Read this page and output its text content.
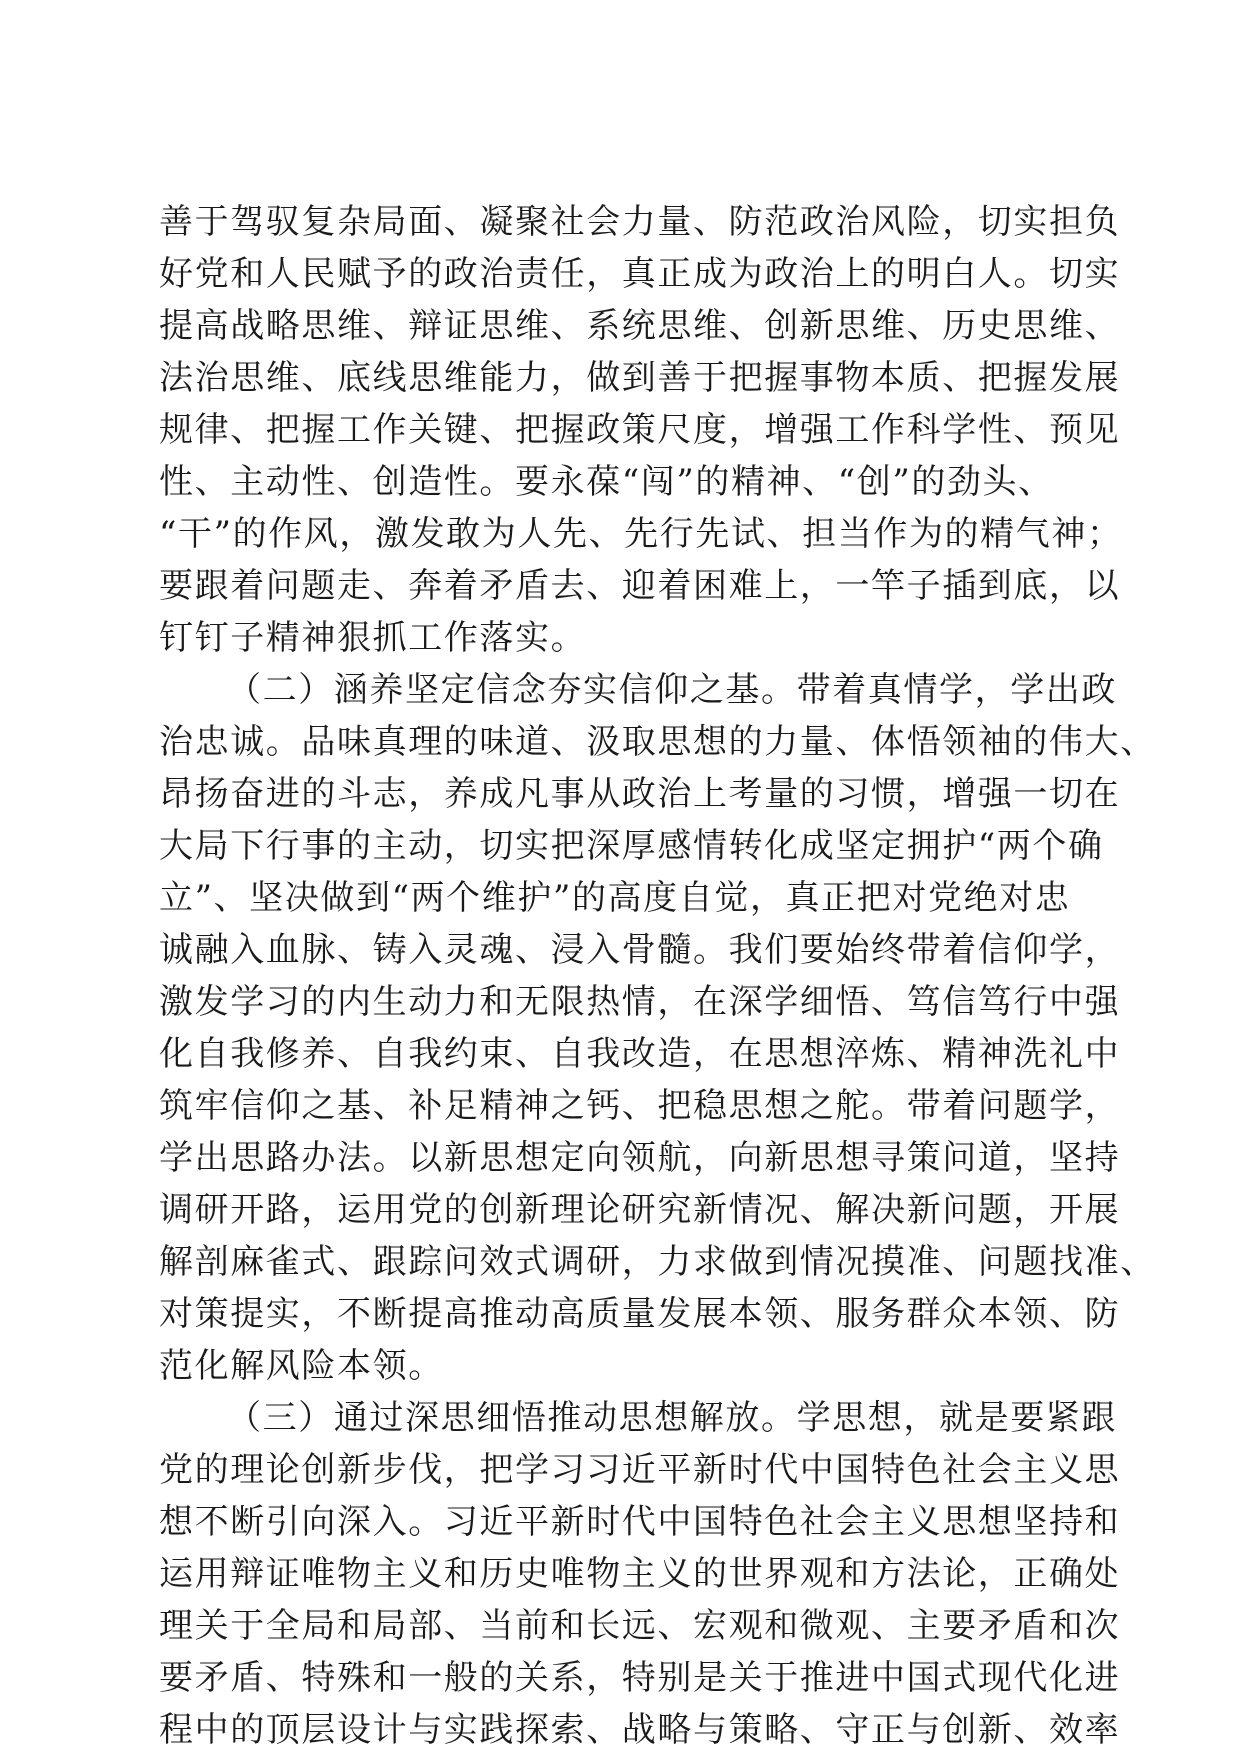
善于驾驭复杂局面、凝聚社会力量、防范政治风险，切实担负
好党和人民赋予的政治责任，真正成为政治上的明白人。切实
提高战略思维、辩证思维、系统思维、创新思维、历史思维、
法治思维、底线思维能力，做到善于把握事物本质、把握发展
规律、把握工作关键、把握政策尺度，增强工作科学性、预见
性、主动性、创造性。要永葆“闯”的精神、“创”的劲头、
“干”的作风，激发敢为人先、先行先试、担当作为的精气神；
要跟着问题走、奔着矛盾去、迎着困难上，一竿子插到底，以
钉钉子精神狠抓工作落实。
（二）涵养坚定信念夯实信仰之基。带着真情学，学出政
治忠诚。品味真理的味道、汲取思想的力量、体悟领袖的伟大、
昂扬奋进的斗志，养成凡事从政治上考量的习惯，增强一切在
大局下行事的主动，切实把深厚感情转化成坚定拥护“两个确
立”、坚决做到“两个维护”的高度自觉，真正把对党绝对忠
诚融入血脉、铸入灵魂、浸入骨髓。我们要始终带着信仰学，
激发学习的内生动力和无限热情，在深学细悟、笃信笃行中强
化自我修养、自我约束、自我改造，在思想淬炼、精神洗礼中
筑牢信仰之基、补足精神之钙、把稳思想之舵。带着问题学，
学出思路办法。以新思想定向领航，向新思想寻策问道，坚持
调研开路，运用党的创新理论研究新情况、解决新问题，开展
解剖麻雀式、跟踪问效式调研，力求做到情况摸准、问题找准、
对策提实，不断提高推动高质量发展本领、服务群众本领、防
范化解风险本领。
（三）通过深思细悟推动思想解放。学思想，就是要紧跟
党的理论创新步伐，把学习习近平新时代中国特色社会主义思
想不断引向深入。习近平新时代中国特色社会主义思想坚持和
运用辩证唯物主义和历史唯物主义的世界观和方法论，正确处
理关于全局和局部、当前和长远、宏观和微观、主要矛盾和次
要矛盾、特殊和一般的关系，特别是关于推进中国式现代化进
程中的顶层设计与实践探索、战略与策略、守正与创新、效率
